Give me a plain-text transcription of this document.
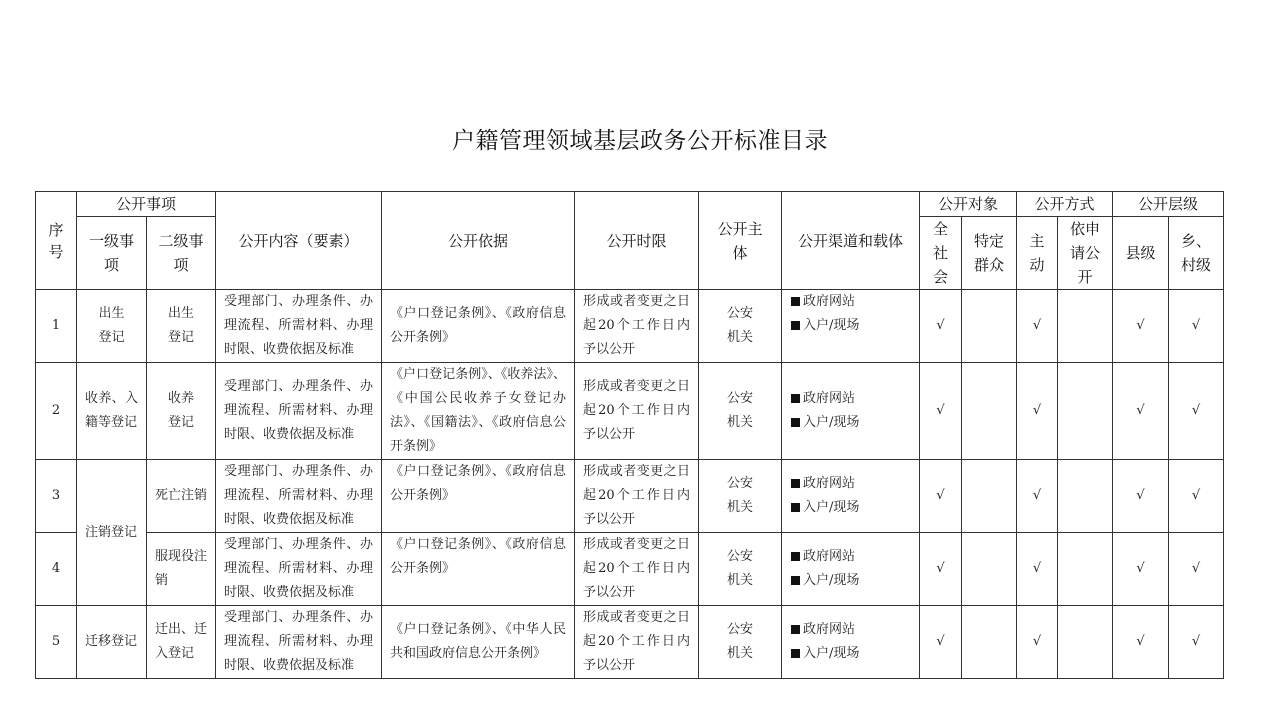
户籍管理领域基层政务公开标准目录
序号	公开事项		公开内容（要素）	公开依据	公开时限	公开主体	公开渠道和载体	公开对象		公开方式		公开层级	

	一级事项	二级事项						全社会	特定群众	主动	依申请公开	县级	乡、村级

1	出生登记	出生登记	受理部门、办理条件、办理流程、所需材料、办理时限、收费依据及标准	《户口登记条例》、《政府信息公开条例》	形成或者变更之日起20个工作日内予以公开	公安机关	政府网站
入户/现场	√		√		√	√
2	收养、入籍等登记	收养登记	受理部门、办理条件、办理流程、所需材料、办理时限、收费依据及标准	《户口登记条例》、《收养法》、《中国公民收养子女登记办法》、《国籍法》、《政府信息公开条例》	形成或者变更之日起20个工作日内予以公开	公安机关	政府网站
入户/现场	√		√		√	√
3	注销登记	死亡注销	受理部门、办理条件、办理流程、所需材料、办理时限、收费依据及标准	《户口登记条例》、《政府信息公开条例》	形成或者变更之日起20个工作日内予以公开	公安机关	政府网站
入户/现场	√		√		√	√
4		服现役注销	受理部门、办理条件、办理流程、所需材料、办理时限、收费依据及标准	《户口登记条例》、《政府信息公开条例》	形成或者变更之日起20个工作日内予以公开	公安机关	政府网站
入户/现场	√		√		√	√
5	迁移登记	迁出、迁入登记	受理部门、办理条件、办理流程、所需材料、办理时限、收费依据及标准	《户口登记条例》、《中华人民共和国政府信息公开条例》	形成或者变更之日起20个工作日内予以公开	公安机关	政府网站
入户/现场	√		√		√	√
